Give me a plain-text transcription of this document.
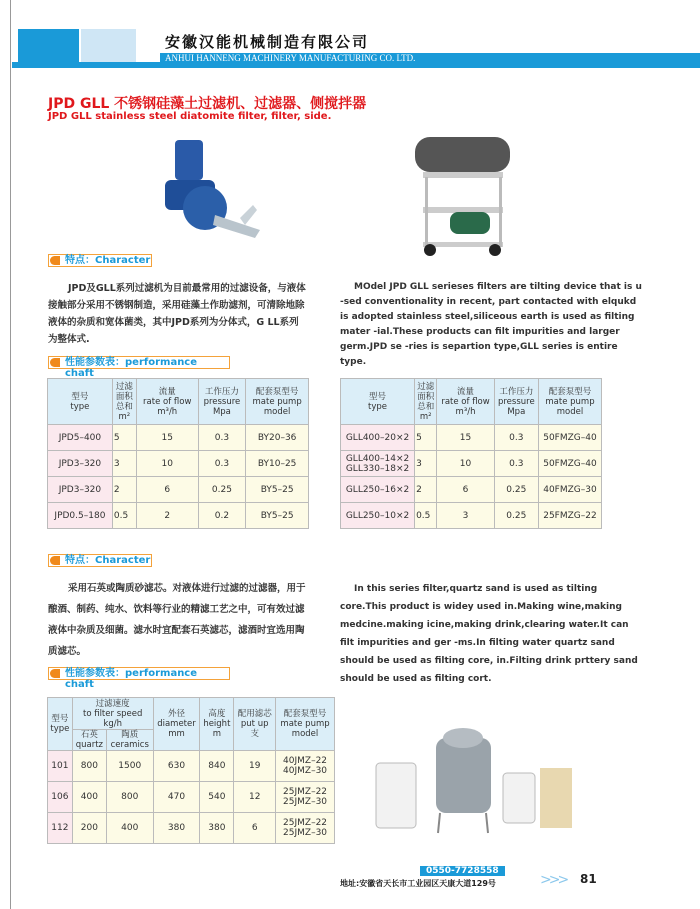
安徽汉能机械制造有限公司
ANHUI HANNENG MACHINERY MANUFACTURING CO. LTD.
JPD GLL 不锈钢硅藻土过滤机、过滤器、侧搅拌器
JPD GLL stainless steel diatomite filter, filter, side.
特点：Character
JPD及GLL系列过滤机为目前最常用的过滤设备，与液体接触部分采用不锈钢制造，采用硅藻土作助滤剂，可清除地除液体的杂质和宽体菌类，其中JPD系列为分体式，G LL系列为整体式.
MOdel JPD GLL serieses filters are tilting device that is u -sed conventionality in recent, part contacted with elqukd is adopted stainless steel,siliceous earth is used as filting mater -ial.These products can filt impurities and larger germ.JPD se -ries is separtion type,GLL series is entire type.
性能参数表：performance chaft
型号
type	过滤
面积
总和
m²	流量
rate of flow
m³/h	工作压力
pressure
Mpa	配套泵型号
mate pump
model
JPD5–400	5	15	0.3	BY20–36
JPD3–320	3	10	0.3	BY10–25
JPD3–320	2	6	0.25	BY5–25
JPD0.5–180	0.5	2	0.2	BY5–25
型号
type	过滤
面积
总和
m²	流量
rate of flow
m³/h	工作压力
pressure
Mpa	配套泵型号
mate pump
model
GLL400–20×2	5	15	0.3	50FMZG–40
GLL400–14×2
GLL330–18×2	3	10	0.3	50FMZG–40
GLL250–16×2	2	6	0.25	40FMZG–30
GLL250–10×2	0.5	3	0.25	25FMZG–22
特点：Character
采用石英或陶质砂滤芯。对液体进行过滤的过滤器，用于酿酒、制药、纯水、饮料等行业的精滤工艺之中，可有效过滤液体中杂质及细菌。滤水时宜配套石英滤芯，滤酒时宜选用陶质滤芯。
In this series filter,quartz sand is used as tilting core.This product is widey used in.Making wine,making medcine.making icine,making drink,clearing water.It can filt impurities and ger -ms.In filting water quartz sand should be used as filting core, in.Filting drink prttery sand should be used as filting cort.
性能参数表：performance chaft
型号
type	过滤速度
to filter speed
kg/h		外径
diameter
mm	高度
height
m	配用滤芯
put up
支	配套泵型号
mate pump
model
	石英
quartz	陶质
ceramics				
101	800	1500	630	840	19	40JMZ–22
40JMZ–30
106	400	800	470	540	12	25JMZ–22
25JMZ–30
112	200	400	380	380	6	25JMZ–22
25JMZ–30
0550-7728558
地址:安徽省天长市工业园区天康大道129号	>>> 81
